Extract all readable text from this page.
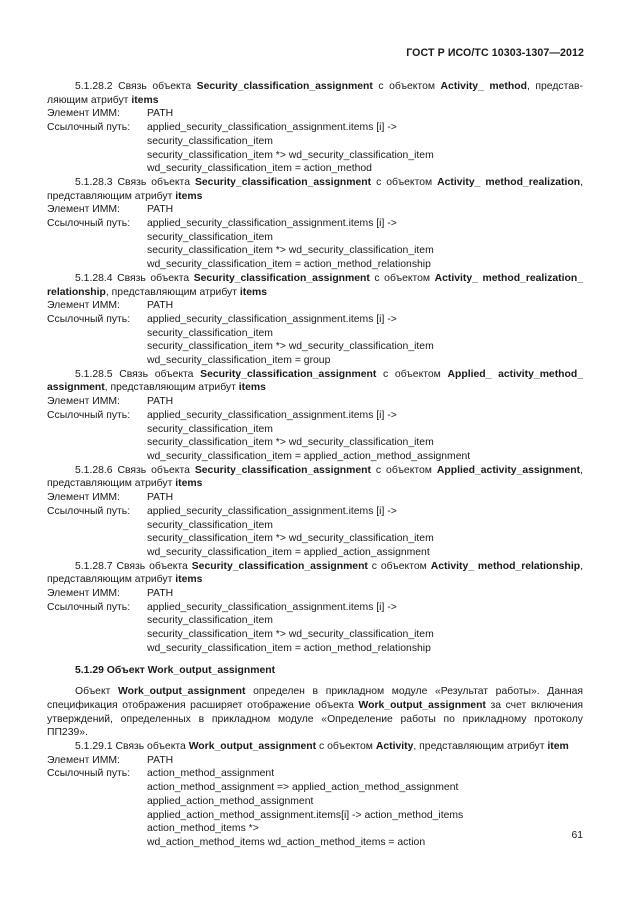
ГОСТ Р ИСО/ТС 10303-1307—2012

5.1.28.2 Связь объекта Security_classification_assignment с объектом Activity_ method, представ-ляющим атрибут items

Элемент ИММ:	PATH
Ссылочный путь:	applied_security_classification_assignment.items [i] ->
security_classification_item
security_classification_item *> wd_security_classification_item
wd_security_classification_item = action_method

5.1.28.3 Связь объекта Security_classification_assignment с объектом Activity_ method_realization, представляющим атрибут items

Элемент ИММ:	PATH
Ссылочный путь:	applied_security_classification_assignment.items [i] ->
security_classification_item
security_classification_item *> wd_security_classification_item
wd_security_classification_item = action_method_relationship

5.1.28.4 Связь объекта Security_classification_assignment с объектом Activity_ method_realization_ relationship, представляющим атрибут items

Элемент ИММ:	PATH
Ссылочный путь:	applied_security_classification_assignment.items [i] ->
security_classification_item
security_classification_item *> wd_security_classification_item
wd_security_classification_item = group

5.1.28.5 Связь объекта Security_classification_assignment с объектом Applied_ activity_method_ assignment, представляющим атрибут items

Элемент ИММ:	PATH
Ссылочный путь:	applied_security_classification_assignment.items [i] ->
security_classification_item
security_classification_item *> wd_security_classification_item
wd_security_classification_item = applied_action_method_assignment

5.1.28.6 Связь объекта Security_classification_assignment с объектом Applied_activity_assignment, представляющим атрибут items

Элемент ИММ:	PATH
Ссылочный путь:	applied_security_classification_assignment.items [i] ->
security_classification_item
security_classification_item *> wd_security_classification_item
wd_security_classification_item = applied_action_assignment

5.1.28.7 Связь объекта Security_classification_assignment с объектом Activity_ method_relationship, представляющим атрибут items

Элемент ИММ:	PATH
Ссылочный путь:	applied_security_classification_assignment.items [i] ->
security_classification_item
security_classification_item *> wd_security_classification_item
wd_security_classification_item = action_method_relationship

5.1.29 Объект Work_output_assignment

Объект Work_output_assignment определен в прикладном модуле «Результат работы». Данная спецификация отображения расширяет отображение объекта Work_output_assignment за счет включения утверждений, определенных в прикладном модуле «Определение работы по прикладному протоколу ПП239».

5.1.29.1 Связь объекта Work_output_assignment с объектом Activity, представляющим атрибут item

Элемент ИММ:	PATH
Ссылочный путь:	action_method_assignment
action_method_assignment => applied_action_method_assignment
applied_action_method_assignment
applied_action_method_assignment.items[i] -> action_method_items
action_method_items *>
wd_action_method_items wd_action_method_items = action
61
